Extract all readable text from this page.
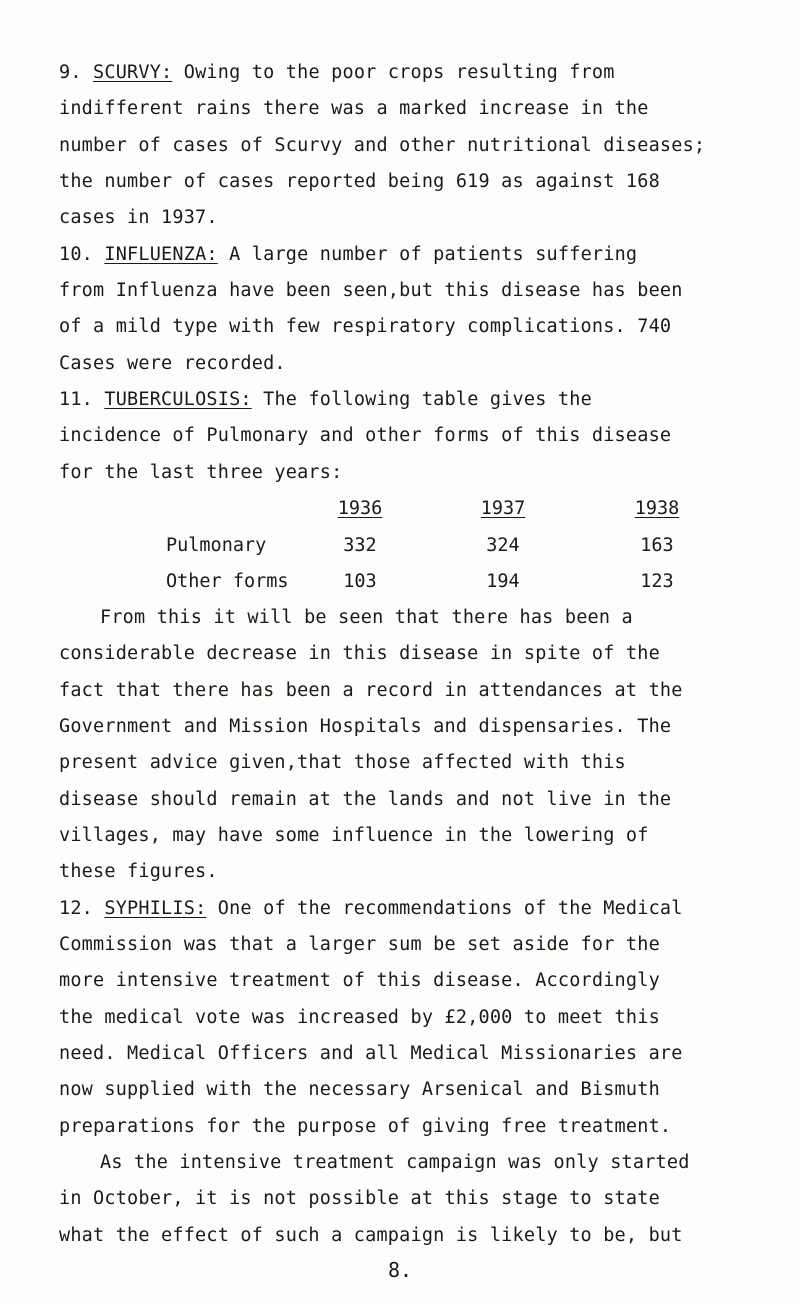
9. SCURVY: Owing to the poor crops resulting from
indifferent rains there was a marked increase in the
number of cases of Scurvy and other nutritional diseases;
the number of cases reported being 619 as against 168
cases in 1937.
10. INFLUENZA: A large number of patients suffering
from Influenza have been seen,but this disease has been
of a mild type with few respiratory complications. 740
Cases were recorded.
11. TUBERCULOSIS: The following table gives the
incidence of Pulmonary and other forms of this disease
for the last three years:
1936	1937	1938
Pulmonary	332	324	163
Other forms	103	194	123
From this it will be seen that there has been a
considerable decrease in this disease in spite of the
fact that there has been a record in attendances at the
Government and Mission Hospitals and dispensaries. The
present advice given,that those affected with this
disease should remain at the lands and not live in the
villages, may have some influence in the lowering of
these figures.
12. SYPHILIS: One of the recommendations of the Medical
Commission was that a larger sum be set aside for the
more intensive treatment of this disease. Accordingly
the medical vote was increased by £2,000 to meet this
need. Medical Officers and all Medical Missionaries are
now supplied with the necessary Arsenical and Bismuth
preparations for the purpose of giving free treatment.
As the intensive treatment campaign was only started
in October, it is not possible at this stage to state
what the effect of such a campaign is likely to be, but
8.
